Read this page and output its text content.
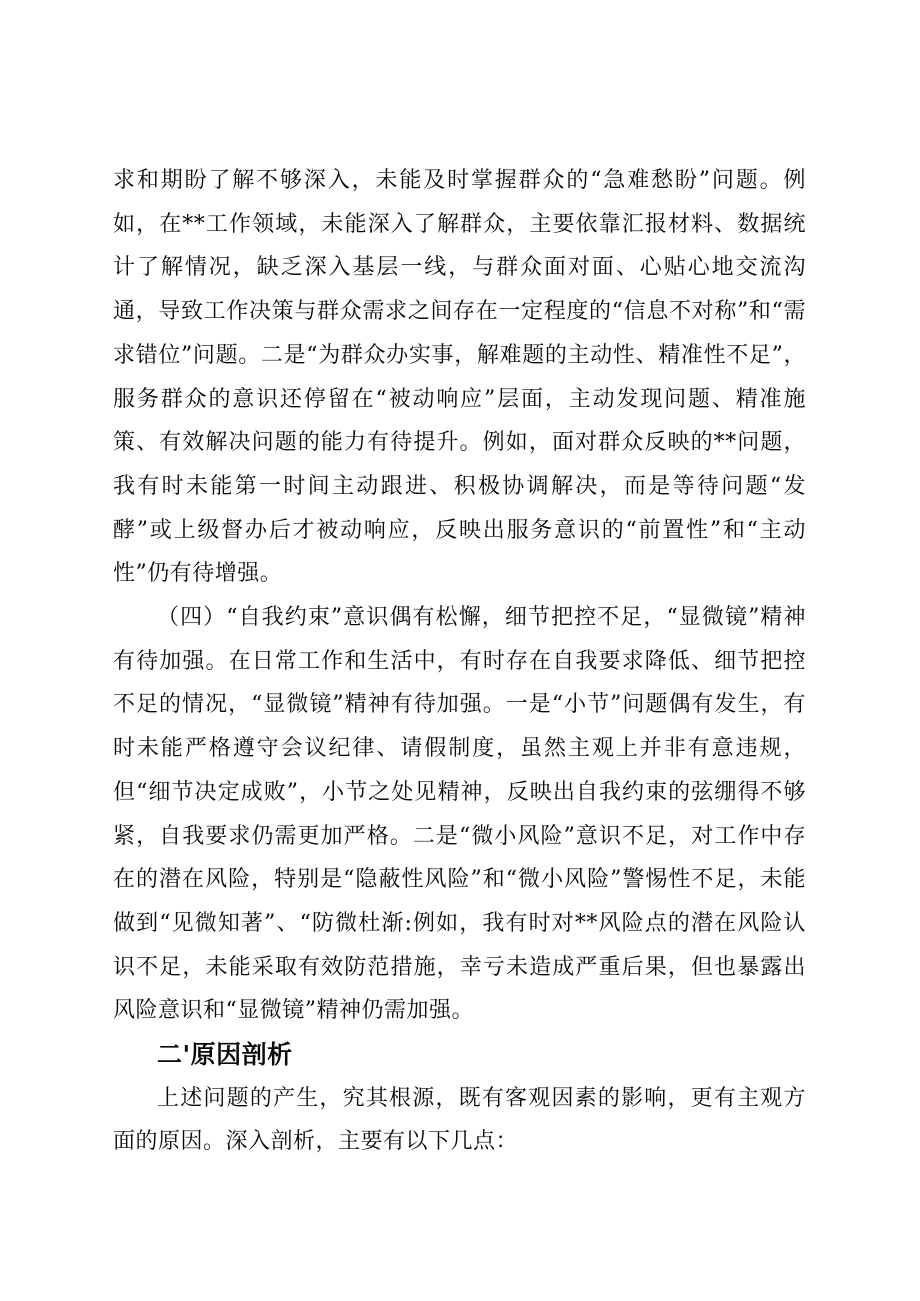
求和期盼了解不够深入，未能及时掌握群众的“急难愁盼”问题。例如，在**工作领域，未能深入了解群众，主要依靠汇报材料、数据统计了解情况，缺乏深入基层一线，与群众面对面、心贴心地交流沟通，导致工作决策与群众需求之间存在一定程度的“信息不对称”和“需求错位”问题。二是“为群众办实事，解难题的主动性、精准性不足”，服务群众的意识还停留在“被动响应”层面，主动发现问题、精准施策、有效解决问题的能力有待提升。例如，面对群众反映的**问题，我有时未能第一时间主动跟进、积极协调解决，而是等待问题“发酵”或上级督办后才被动响应，反映出服务意识的“前置性”和“主动性”仍有待增强。

（四）“自我约束”意识偶有松懈，细节把控不足，“显微镜”精神有待加强。在日常工作和生活中，有时存在自我要求降低、细节把控不足的情况，“显微镜”精神有待加强。一是“小节”问题偶有发生，有时未能严格遵守会议纪律、请假制度，虽然主观上并非有意违规，但“细节决定成败”，小节之处见精神，反映出自我约束的弦绷得不够紧，自我要求仍需更加严格。二是“微小风险”意识不足，对工作中存在的潜在风险，特别是“隐蔽性风险”和“微小风险”警惕性不足，未能做到“见微知著”、“防微杜渐:例如，我有时对**风险点的潜在风险认识不足，未能采取有效防范措施，幸亏未造成严重后果，但也暴露出风险意识和“显微镜”精神仍需加强。

二'原因剖析

上述问题的产生，究其根源，既有客观因素的影响，更有主观方面的原因。深入剖析，主要有以下几点：
